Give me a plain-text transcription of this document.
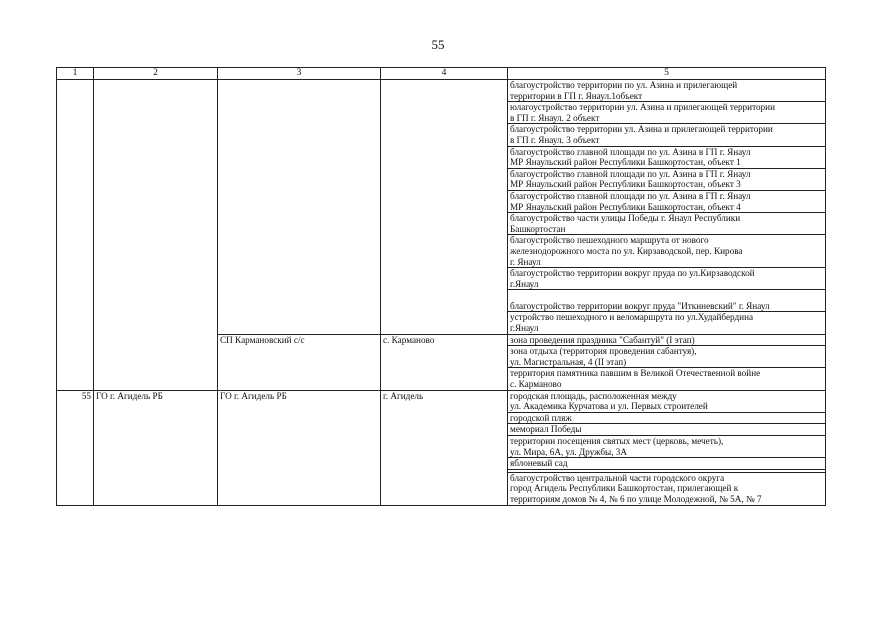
55
1	2	3	4	5

				благоустройство территории по ул. Азина и прилегающей
территории в ГП г. Янаул.1объект

				юлагоустройство территорин ул. Азина и прилегающей территории
в ГП г. Янаул. 2 объект

				благоустройство территории ул. Азина и прилегающей территории
в ГП г. Янаул. 3 объект

				благоустройство главной площади по ул. Азина в ГП г. Янаул
МР Янаульский район Республики Башкортостан, объект 1

				благоустройство главной площади по ул. Азина в ГП г. Янаул
МР Янаульский район Республики Башкортостан, объект 3

				благоустройство главной площади по ул. Азина в ГП г. Янаул
МР Янаульский район Республики Башкортостан, объект 4

				благоустройство части улицы Победы г. Янаул Республики
Башкортостан

				благоустройство пешеходного маршрута от нового
железнодорожного моста по ул. Кирзаводской, пер. Кирова
г. Янаул

				благоустройство территории вокруг пруда по ул.Кирзаводской
г.Янаул

				благоустройство территории вокруг пруда "Иткиневский" г. Янаул

				устройство пешеходного и веломаршрута по ул.Худайбердина
г.Янаул

		СП Кармановский с/с	с. Карманово	зона проведения праздника "Сабантуй" (I этап)

				зона отдыха (территория проведения сабантуя),
ул. Магистральная, 4 (II этап)

				территория памятника павшим в Великой Отечественной войне
с. Карманово

55	ГО г. Агидель РБ	ГО г. Агидель РБ	г. Агидель	городская площадь, расположенная между
ул. Академика Курчатова и ул. Первых строителей

				городской пляж

				мемориал Победы

				территории посещения святых мест (церковь, мечеть),
ул. Мира, 6А, ул. Дружбы, 3А

				яблоневый сад

				благоустройство центральной части городского округа
город Агидель Республики Башкортостан, прилегающей к
территориям домов № 4, № 6 по улице Молодежной, № 5А, № 7
